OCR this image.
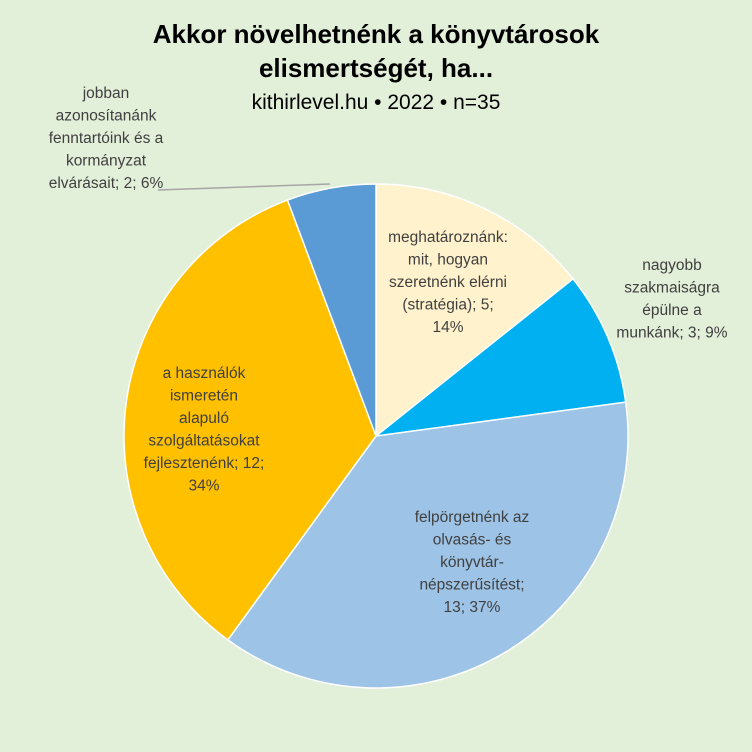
Akkor növelhetnénk a könyvtárosok
elismertségét, ha...
kithirlevel.hu • 2022 • n=35
meghatároznánk: mit, hogyan szeretnénk elérni (stratégia); 5; 14%
nagyobb szakmaiságra épülne a munkánk; 3; 9%
felpörgetnénk az olvasás- és könyvtár-népszerűsítést; 13; 37%
a használók ismeretén alapuló szolgáltatásokat fejlesztenénk; 12; 34%
jobban azonosítanánk fenntartóink és a kormányzat elvárásait; 2; 6%
